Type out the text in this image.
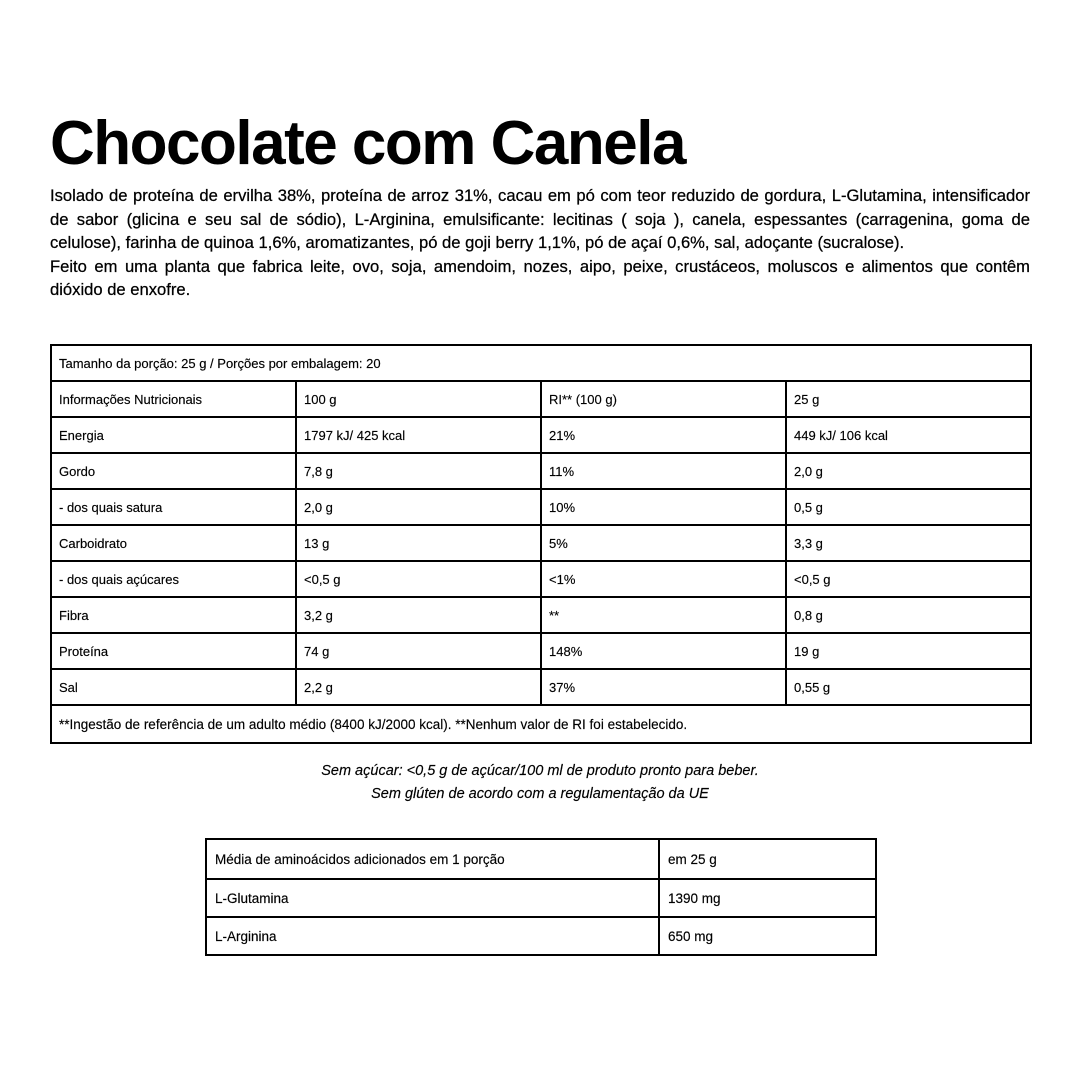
Chocolate com Canela

Isolado de proteína de ervilha 38%, proteína de arroz 31%, cacau em pó com teor reduzido de gordura, L-Glutamina, intensificador de sabor (glicina e seu sal de sódio), L-Arginina, emulsificante: lecitinas ( soja ), canela, espessantes (carragenina, goma de celulose), farinha de quinoa 1,6%, aromatizantes, pó de goji berry 1,1%, pó de açaí 0,6%, sal, adoçante (sucralose).

Feito em uma planta que fabrica leite, ovo, soja, amendoim, nozes, aipo, peixe, crustáceos, moluscos e alimentos que contêm dióxido de enxofre.

Tamanho da porção: 25 g / Porções por embalagem: 20			
Informações Nutricionais	100 g	RI** (100 g)	25 g
Energia	1797 kJ/ 425 kcal	21%	449 kJ/ 106 kcal
Gordo	7,8 g	11%	2,0 g
- dos quais satura	2,0 g	10%	0,5 g
Carboidrato	13 g	5%	3,3 g
- dos quais açúcares	<0,5 g	<1%	<0,5 g
Fibra	3,2 g	**	0,8 g
Proteína	74 g	148%	19 g
Sal	2,2 g	37%	0,55 g
**Ingestão de referência de um adulto médio (8400 kJ/2000 kcal). **Nenhum valor de RI foi estabelecido.			
Sem açúcar: <0,5 g de açúcar/100 ml de produto pronto para beber.
Sem glúten de acordo com a regulamentação da UE
Média de aminoácidos adicionados em 1 porção	em 25 g
L-Glutamina	1390 mg
L-Arginina	650 mg
